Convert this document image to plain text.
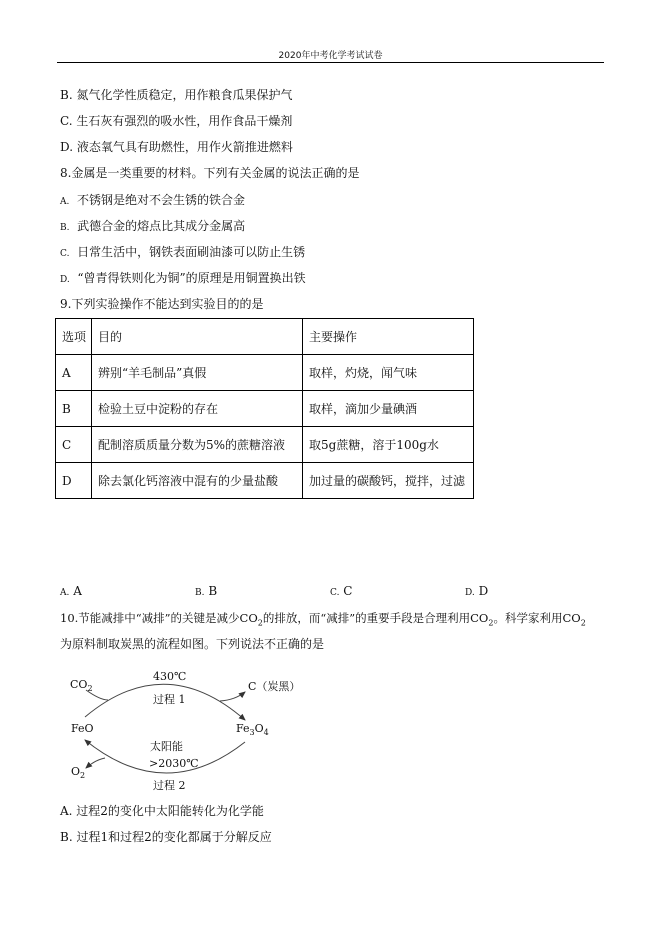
2020年中考化学考试试卷
B. 氮气化学性质稳定，用作粮食瓜果保护气
C. 生石灰有强烈的吸水性，用作食品干燥剂
D. 液态氧气具有助燃性，用作火箭推进燃料
8.金属是一类重要的材料。下列有关金属的说法正确的是
A. 不锈钢是绝对不会生锈的铁合金
B. 武德合金的熔点比其成分金属高
C. 日常生活中，钢铁表面刷油漆可以防止生锈
D. “曾青得铁则化为铜”的原理是用铜置换出铁
9.下列实验操作不能达到实验目的的是
选项	目的	主要操作
A	辨别“羊毛制品”真假	取样，灼烧，闻气味
B	检验土豆中淀粉的存在	取样，滴加少量碘酒
C	配制溶质质量分数为5%的蔗糖溶液	取5g蔗糖，溶于100g水
D	除去氯化钙溶液中混有的少量盐酸	加过量的碳酸钙，搅拌，过滤
A. A	B. B	C. C	D. D
10.节能减排中“减排”的关键是减少$CO_2$的排放，而“减排”的重要手段是合理利用$CO_2$。科学家利用$CO_2$
为原料制取炭黑的流程如图。下列说法不正确的是
$CO_2$
430℃
C（炭黑）
过程 1
FeO	$Fe_3O_4$
太阳能
>2030℃
$O_2$
过程 2
A. 过程2的变化中太阳能转化为化学能
B. 过程1和过程2的变化都属于分解反应
